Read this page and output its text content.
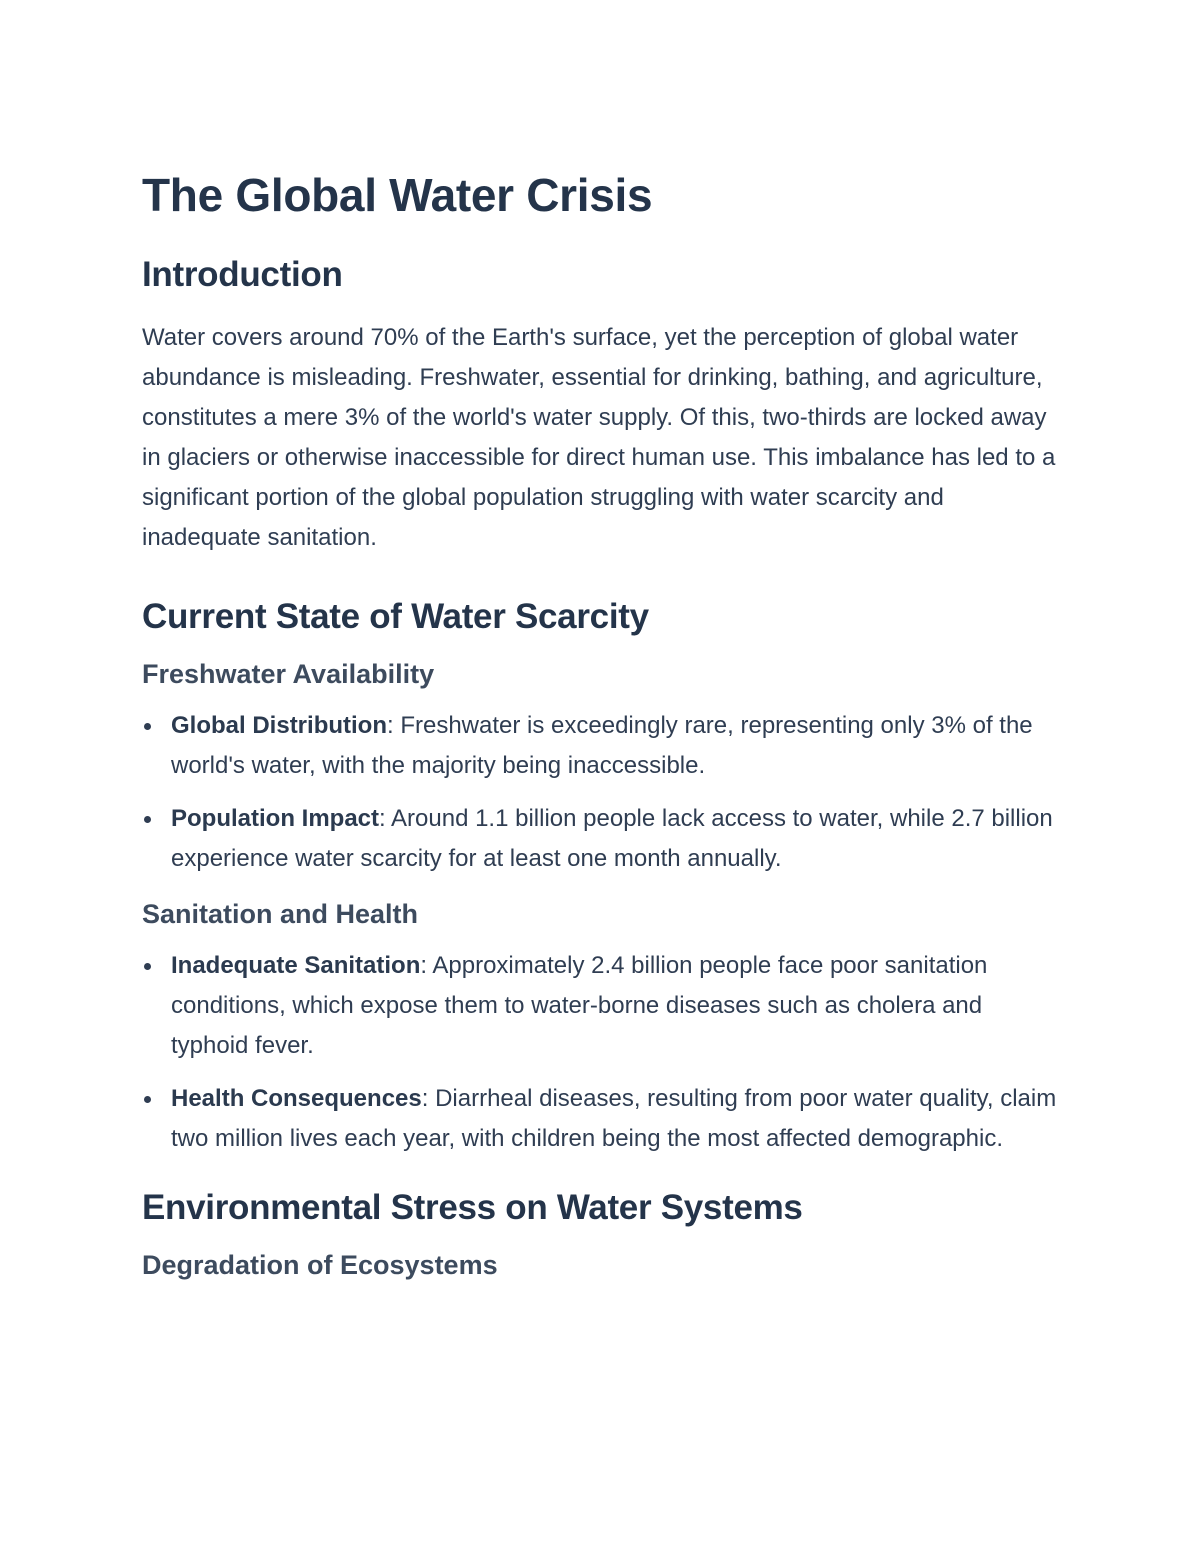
The Global Water Crisis
Introduction

Water covers around 70% of the Earth's surface, yet the perception of global water abundance is misleading. Freshwater, essential for drinking, bathing, and agriculture, constitutes a mere 3% of the world's water supply. Of this, two-thirds are locked away in glaciers or otherwise inaccessible for direct human use. This imbalance has led to a significant portion of the global population struggling with water scarcity and inadequate sanitation.

Current State of Water Scarcity
Freshwater Availability
Global Distribution: Freshwater is exceedingly rare, representing only 3% of the world's water, with the majority being inaccessible.
Population Impact: Around 1.1 billion people lack access to water, while 2.7 billion experience water scarcity for at least one month annually.
Sanitation and Health
Inadequate Sanitation: Approximately 2.4 billion people face poor sanitation conditions, which expose them to water-borne diseases such as cholera and typhoid fever.
Health Consequences: Diarrheal diseases, resulting from poor water quality, claim two million lives each year, with children being the most affected demographic.
Environmental Stress on Water Systems
Degradation of Ecosystems
